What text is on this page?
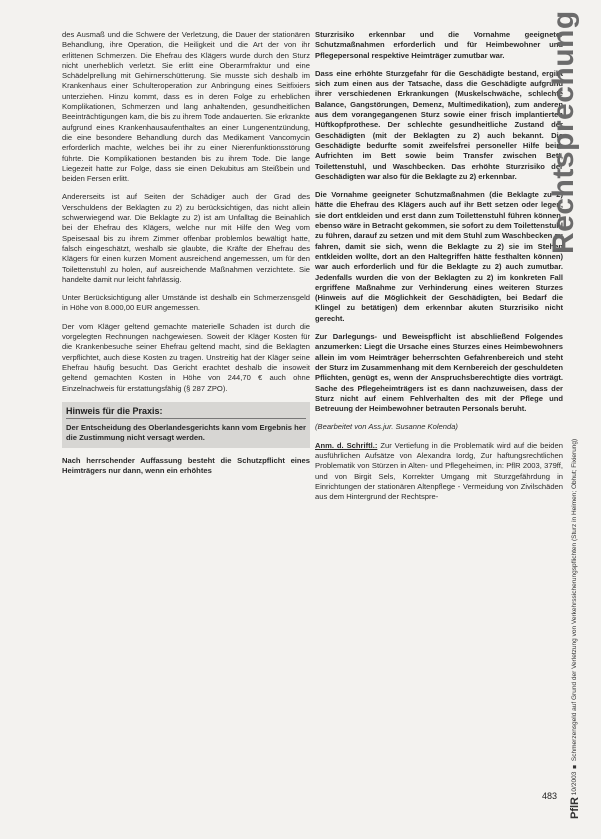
des Ausmaß und die Schwere der Verletzung, die Dauer der stationären Behandlung, ihre Operation, die Heiligkeit und die Art der von ihr erlittenen Schmerzen. Die Ehefrau des Klägers wurde durch den Sturz nicht unerheblich verletzt. Sie erlitt eine Oberarmfraktur und eine Schädelprellung mit Gehirnerschütterung. Sie musste sich deshalb im Krankenhaus einer Schulteroperation zur Anbringung eines Seitfixiers unterziehen. Hinzu kommt, dass es in deren Folge zu erheblichen Komplikationen, Schmerzen und lang anhaltenden, gesundheitlichen Beeinträchtigungen kam, die bis zu ihrem Tode andauerten. Sie erkrankte aufgrund eines Krankenhausaufenthaltes an einer Lungenentzündung, die eine besondere Behandlung durch das Medikament Vancomycin erforderlich machte, welches bei ihr zu einer Nierenfunktionsstörung führte. Die Komplikationen bestanden bis zu ihrem Tode. Die lange Liegezeit hatte zur Folge, dass sie einen Dekubitus am Steißbein und beiden Fersen erlitt.

Andererseits ist auf Seiten der Schädiger auch der Grad des Verschuldens der Beklagten zu 2) zu berücksichtigen, das nicht allein schwerwiegend war. Die Beklagte zu 2) ist am Unfalltag die Beinahlich bei der Ehefrau des Klägers, welche nur mit Hilfe den Weg vom Speisesaal bis zu ihrem Zimmer offenbar problemlos bewältigt hatte, falsch eingeschätzt, weshalb sie glaubte, die Kräfte der Ehefrau des Klägers für einen kurzen Moment ausreichend angemessen, um für den Toilettenstuhl zu holen, auf ausreichende Maßnahmen verzichtete. Sie handelte damit nur leicht fahrlässig.

Unter Berücksichtigung aller Umstände ist deshalb ein Schmerzensgeld in Höhe von 8.000,00 EUR angemessen.

Der vom Kläger geltend gemachte materielle Schaden ist durch die vorgelegten Rechnungen nachgewiesen. Soweit der Kläger Kosten für die Krankenbesuche seiner Ehefrau geltend macht, sind die Beklagten verpflichtet, auch diese Kosten zu tragen. Unstreitig hat der Kläger seine Ehefrau häufig besucht. Das Gericht erachtet deshalb die insoweit geltend gemachten Kosten in Höhe von 244,70 € auch ohne Einzelnachweis für erstattungsfähig (§ 287 ZPO).

Hinweis für die Praxis:
Der Entscheidung des Oberlandesgerichts kann vom Ergebnis her die Zustimmung nicht versagt werden.

Nach herrschender Auffassung besteht die Schutzpflicht eines Heimträgers nur dann, wenn ein erhöhtes

Sturzrisiko erkennbar und die Vornahme geeigneter Schutzmaßnahmen erforderlich und für Heimbewohner und Pflegepersonal respektive Heimträger zumutbar war.

Dass eine erhöhte Sturzgefahr für die Geschädigte bestand, ergibt sich zum einen aus der Tatsache, dass die Geschädigte aufgrund ihrer verschiedenen Erkrankungen (Muskelschwäche, schlechte Balance, Gangstörungen, Demenz, Multimedikation), zum anderen aus dem vorangegangenen Sturz sowie einer frisch implantierten Hüftkopfprothese. Der schlechte gesundheitliche Zustand der Geschädigten (mit der Beklagten zu 2) auch bekannt. Die Geschädigte bedurfte somit zweifelsfrei personeller Hilfe beim Aufrichten im Bett sowie beim Transfer zwischen Bett, Toilettenstuhl, und Waschbecken. Das erhöhte Sturzrisiko der Geschädigten war also für die Beklagte zu 2) erkennbar.

Die Vornahme geeigneter Schutzmaßnahmen (die Beklagte zu 2) hätte die Ehefrau des Klägers auch auf ihr Bett setzen oder legen, sie dort entkleiden und erst dann zum Toilettenstuhl führen können, ebenso wäre in Betracht gekommen, sie sofort zu dem Toilettenstuhl zu führen, darauf zu setzen und mit dem Stuhl zum Waschbecken zu fahren, damit sie sich, wenn die Beklagte zu 2) sie im Stehen entkleiden wollte, dort an den Haltegriffen hätte festhalten können) war auch erforderlich und für die Beklagte zu 2) auch zumutbar. Jedenfalls wurden die von der Beklagten zu 2) im konkreten Fall ergriffene Maßnahme zur Verhinderung eines weiteren Sturzes (Hinweis auf die Möglichkeit der Geschädigten, bei Bedarf die Klingel zu betätigen) dem erkennbar akuten Sturzrisiko nicht gerecht.

Zur Darlegungs- und Beweispflicht ist abschließend Folgendes anzumerken: Liegt die Ursache eines Sturzes eines Heimbewohners allein im vom Heimträger beherrschten Gefahrenbereich und steht der Sturz im Zusammenhang mit dem Kernbereich der geschuldeten Pflichten, genügt es, wenn der Anspruchsberechtigte dies vorträgt. Sache des Pflegeheimträgers ist es dann nachzuweisen, dass der Sturz nicht auf einem Fehlverhalten des mit der Pflege und Betreuung der Heimbewohner betrauten Personals beruht.

(Bearbeitet von Ass.jur. Susanne Kolenda)

Anm. d. Schriftl.: Zur Vertiefung in die Problematik wird auf die beiden ausführlichen Aufsätze von Alexandra Iordg, Zur haftungsrechtlichen Problematik von Stürzen in Alten- und Pflegeheimen, in: PflR 2003, 379ff, und von Birgit Sels, Korrekter Umgang mit Sturzgefährdung in Einrichtungen der stationären Altenpflege - Vermeidung von Zivilschäden aus dem Hintergrund der Rechtspre-

Rechtsprechung
PflR 10/2003 ■ Schmerzensgeld auf Grund der Verletzung von Verkehrssicherungspflichten (Sturz in Heimen; Obhut; Fixierung)
483
